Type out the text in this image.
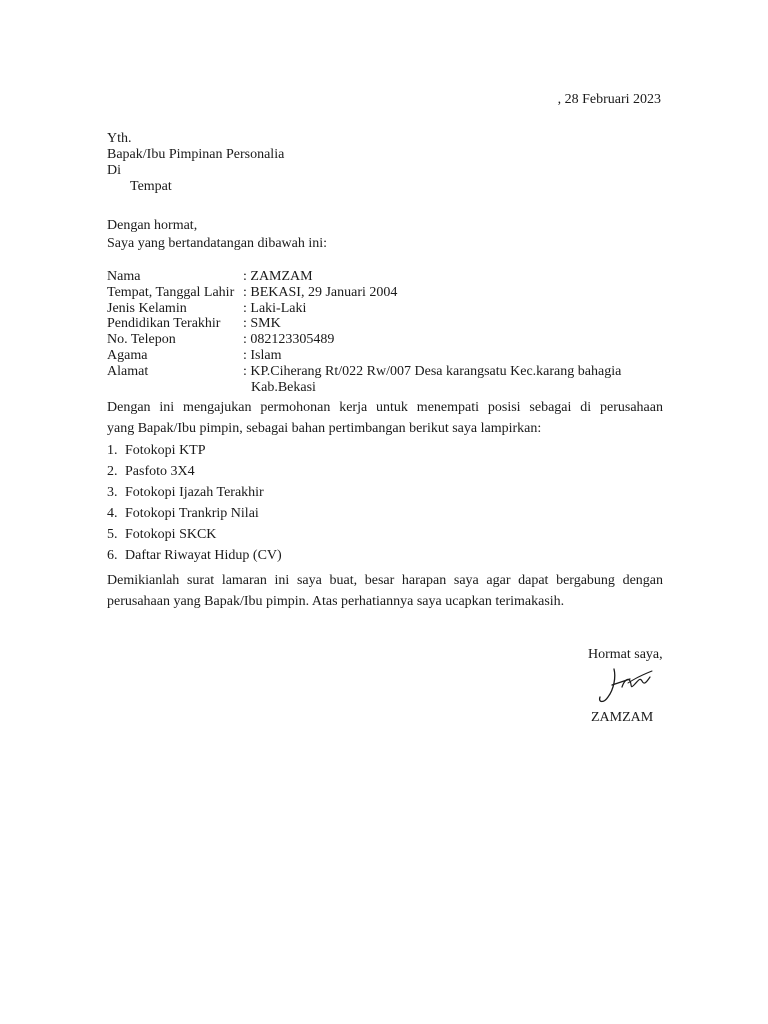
, 28 Februari 2023
Yth.
Bapak/Ibu Pimpinan Personalia
Di
Tempat
Dengan hormat,
Saya yang bertandatangan dibawah ini:
Nama	: ZAMZAM
Tempat, Tanggal Lahir : BEKASI, 29 Januari 2004
Jenis Kelamin	: Laki-Laki
Pendidikan Terakhir : SMK
No. Telepon	: 082123305489
Agama	: Islam
Alamat	: KP.Ciherang Rt/022 Rw/007 Desa karangsatu Kec.karang bahagia
Kab.Bekasi
Dengan ini mengajukan permohonan kerja untuk menempati posisi sebagai di perusahaan
yang Bapak/Ibu pimpin, sebagai bahan pertimbangan berikut saya lampirkan:
1. Fotokopi KTP
2. Pasfoto 3X4
3. Fotokopi Ijazah Terakhir
4. Fotokopi Trankrip Nilai
5. Fotokopi SKCK
6. Daftar Riwayat Hidup (CV)
Demikianlah surat lamaran ini saya buat, besar harapan saya agar dapat bergabung dengan
perusahaan yang Bapak/Ibu pimpin. Atas perhatiannya saya ucapkan terimakasih.
Hormat saya,
ZAMZAM
